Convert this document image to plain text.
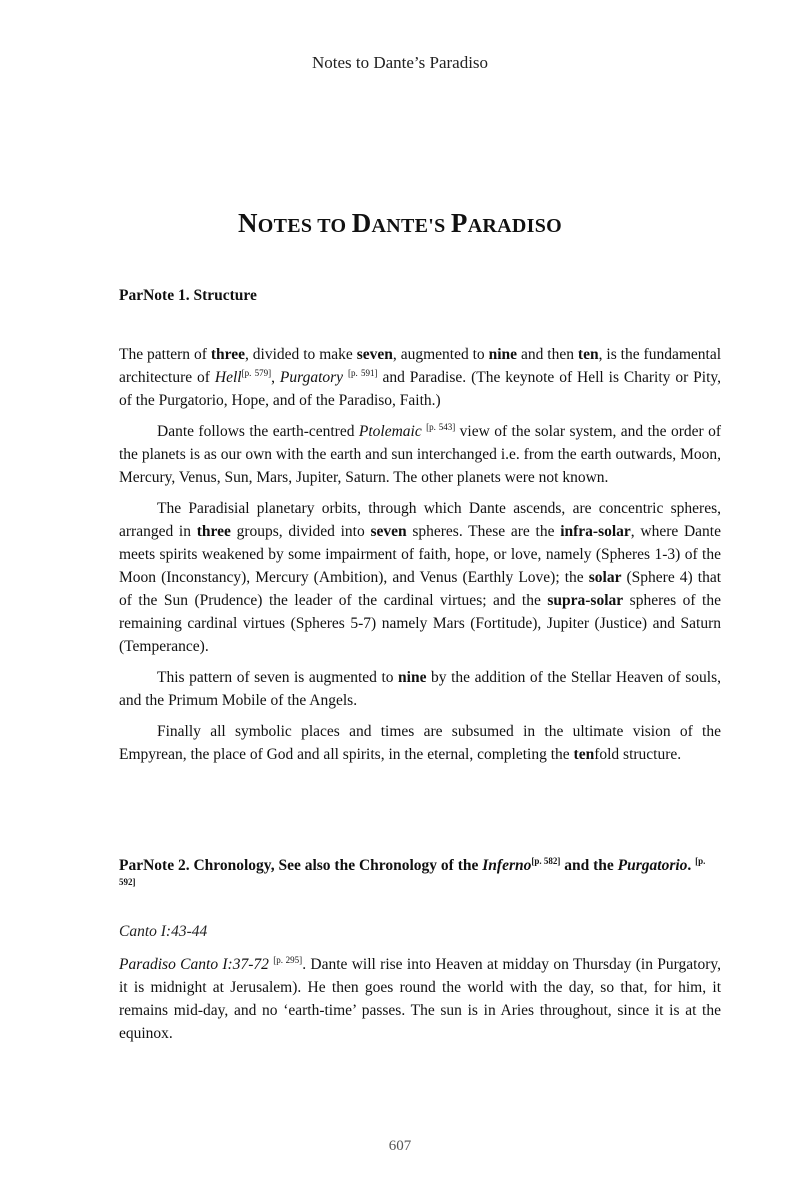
Notes to Dante’s Paradiso
NOTES TO DANTE'S PARADISO
ParNote 1. Structure

The pattern of three, divided to make seven, augmented to nine and then ten, is the fundamental architecture of Hell[p. 579], Purgatory [p. 591] and Paradise. (The keynote of Hell is Charity or Pity, of the Purgatorio, Hope, and of the Paradiso, Faith.)

Dante follows the earth-centred Ptolemaic [p. 543] view of the solar system, and the order of the planets is as our own with the earth and sun interchanged i.e. from the earth outwards, Moon, Mercury, Venus, Sun, Mars, Jupiter, Saturn. The other planets were not known.

The Paradisial planetary orbits, through which Dante ascends, are concentric spheres, arranged in three groups, divided into seven spheres. These are the infra-solar, where Dante meets spirits weakened by some impairment of faith, hope, or love, namely (Spheres 1-3) of the Moon (Inconstancy), Mercury (Ambition), and Venus (Earthly Love); the solar (Sphere 4) that of the Sun (Prudence) the leader of the cardinal virtues; and the supra-solar spheres of the remaining cardinal virtues (Spheres 5-7) namely Mars (Fortitude), Jupiter (Justice) and Saturn (Temperance).

This pattern of seven is augmented to nine by the addition of the Stellar Heaven of souls, and the Primum Mobile of the Angels.

Finally all symbolic places and times are subsumed in the ultimate vision of the Empyrean, the place of God and all spirits, in the eternal, completing the tenfold structure.

ParNote 2. Chronology, See also the Chronology of the Inferno[p. 582] and the Purgatorio. [p. 592]
Canto I:43-44

Paradiso Canto I:37-72 [p. 295]. Dante will rise into Heaven at midday on Thursday (in Purgatory, it is midnight at Jerusalem). He then goes round the world with the day, so that, for him, it remains mid-day, and no ‘earth-time’ passes. The sun is in Aries throughout, since it is at the equinox.

607
